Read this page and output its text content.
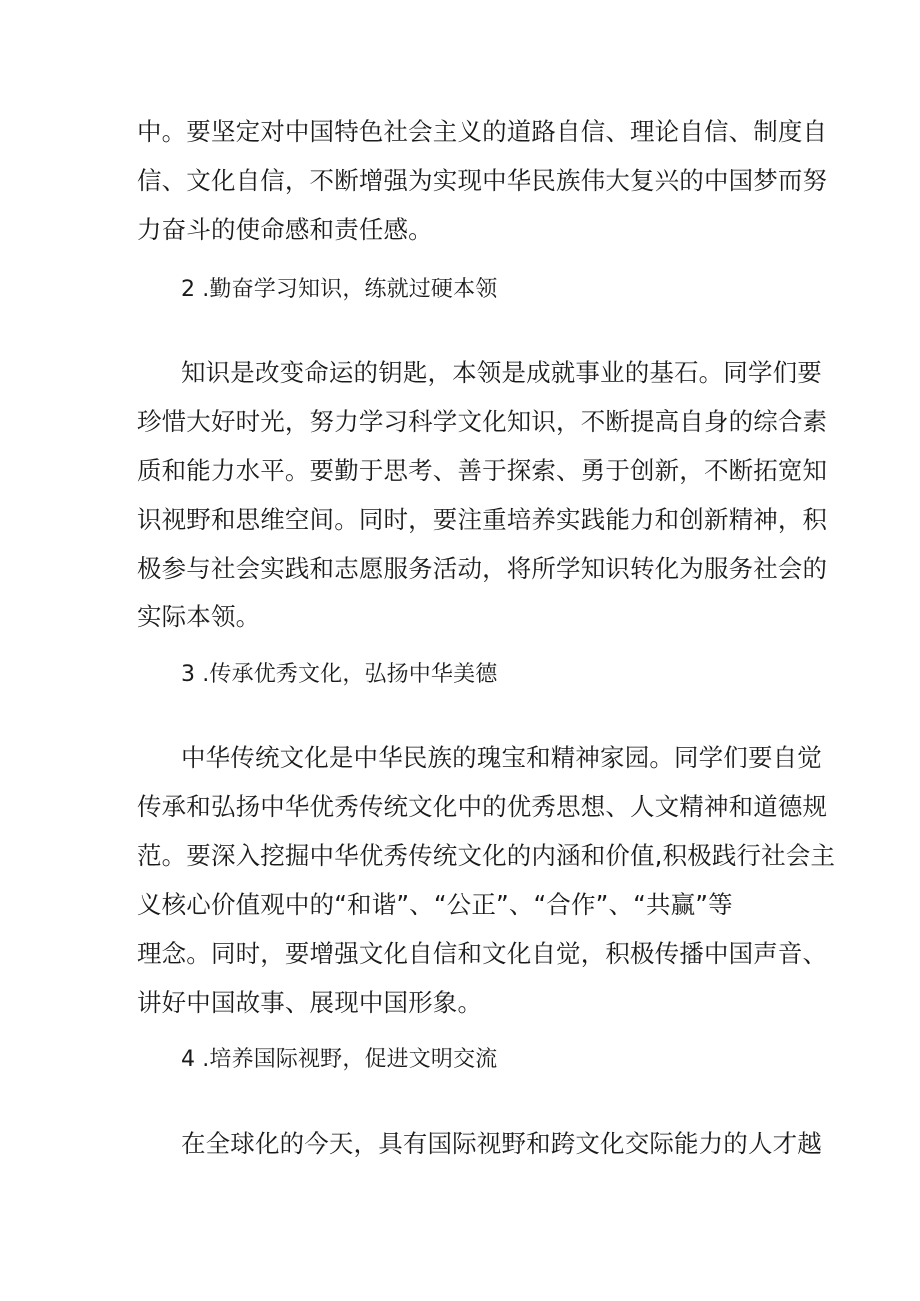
中。要坚定对中国特色社会主义的道路自信、理论自信、制度自
信、文化自信，不断增强为实现中华民族伟大复兴的中国梦而努
力奋斗的使命感和责任感。
2 .勤奋学习知识，练就过硬本领
知识是改变命运的钥匙，本领是成就事业的基石。同学们要
珍惜大好时光，努力学习科学文化知识，不断提高自身的综合素
质和能力水平。要勤于思考、善于探索、勇于创新，不断拓宽知
识视野和思维空间。同时，要注重培养实践能力和创新精神，积
极参与社会实践和志愿服务活动，将所学知识转化为服务社会的
实际本领。
3 .传承优秀文化，弘扬中华美德
中华传统文化是中华民族的瑰宝和精神家园。同学们要自觉
传承和弘扬中华优秀传统文化中的优秀思想、人文精神和道德规
范。要深入挖掘中华优秀传统文化的内涵和价值,积极践行社会主
义核心价值观中的“和谐”、“公正”、“合作”、“共赢”等
理念。同时，要增强文化自信和文化自觉，积极传播中国声音、
讲好中国故事、展现中国形象。
4 .培养国际视野，促进文明交流
在全球化的今天，具有国际视野和跨文化交际能力的人才越
